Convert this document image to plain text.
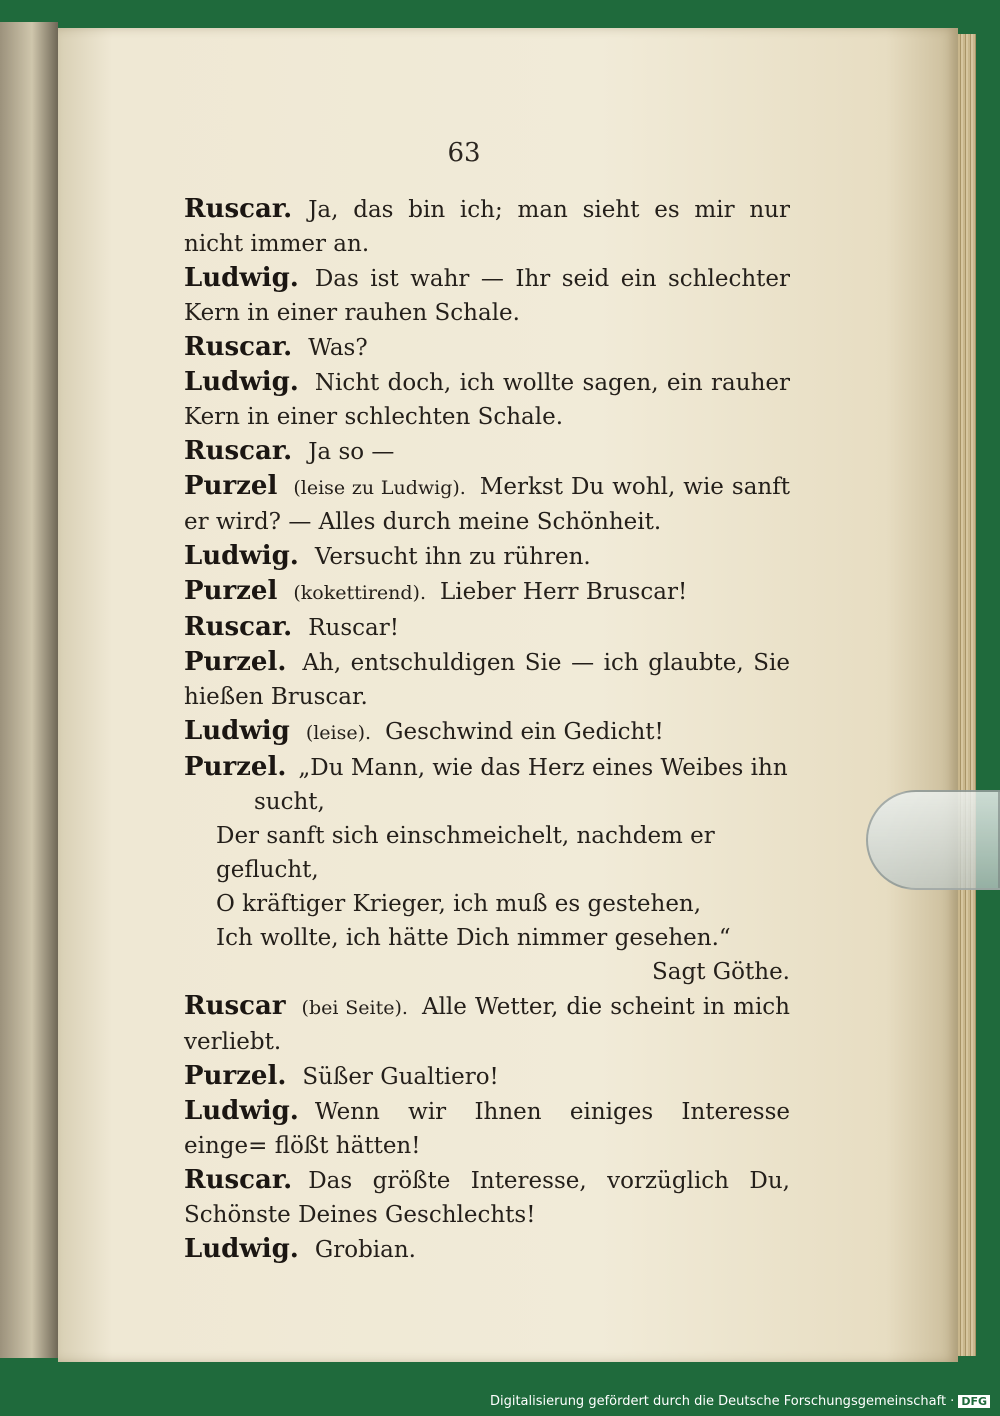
63
Ruscar. Ja, das bin ich; man sieht es mir nur nicht immer an.
Ludwig. Das ist wahr — Ihr seid ein schlechter Kern in einer rauhen Schale.
Ruscar. Was?
Ludwig. Nicht doch, ich wollte sagen, ein rauher Kern in einer schlechten Schale.
Ruscar. Ja so —
Purzel (leise zu Ludwig). Merkst Du wohl, wie sanft er wird? — Alles durch meine Schönheit.
Ludwig. Versucht ihn zu rühren.
Purzel (kokettirend). Lieber Herr Bruscar!
Ruscar. Ruscar!
Purzel. Ah, entschuldigen Sie — ich glaubte, Sie hießen Bruscar.
Ludwig (leise). Geschwind ein Gedicht!
Purzel. „Du Mann, wie das Herz eines Weibes ihn
sucht,
Der sanft sich einschmeichelt, nachdem er geflucht,
O kräftiger Krieger, ich muß es gestehen,
Ich wollte, ich hätte Dich nimmer gesehen.“
Sagt Göthe.
Ruscar (bei Seite). Alle Wetter, die scheint in mich verliebt.
Purzel. Süßer Gualtiero!
Ludwig. Wenn wir Ihnen einiges Interesse einge= flößt hätten!
Ruscar. Das größte Interesse, vorzüglich Du, Schönste Deines Geschlechts!
Ludwig. Grobian.
Digitalisierung gefördert durch die Deutsche Forschungsgemeinschaft · DFG
